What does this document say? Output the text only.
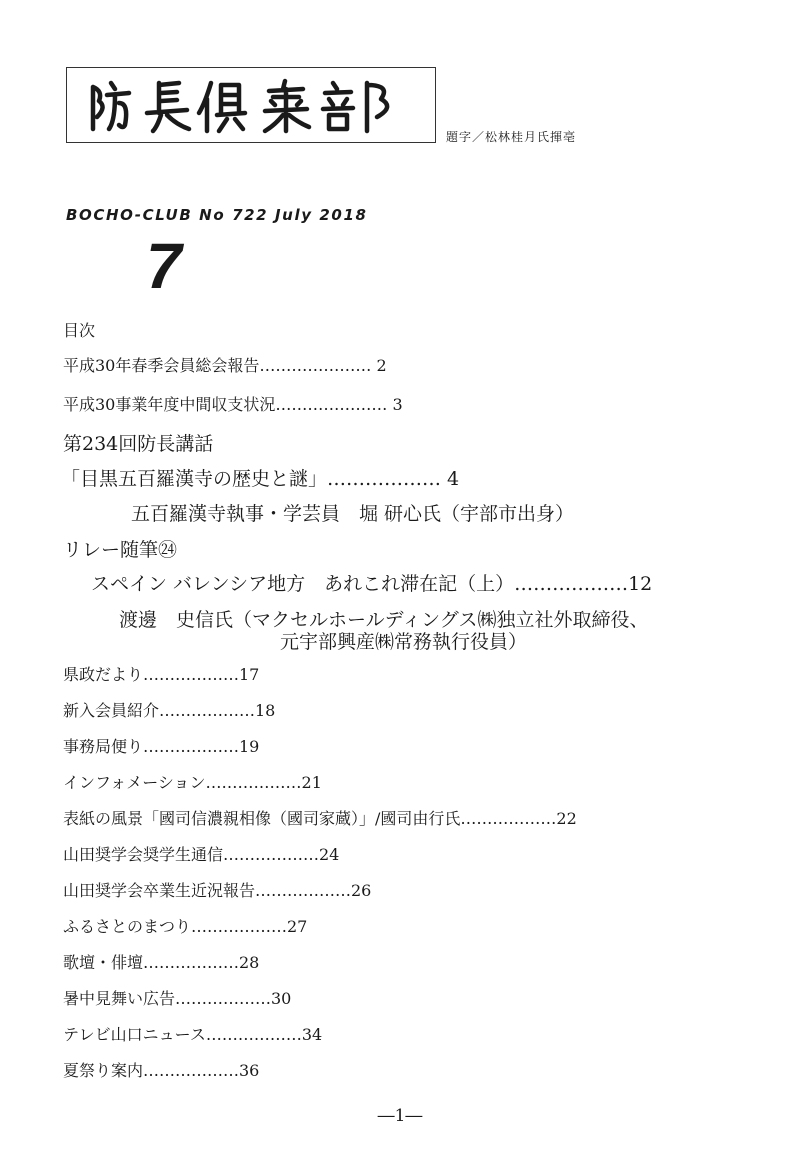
題字／松林桂月氏揮亳
BOCHO-CLUB No 722 July 2018
7
目次
平成30年春季会員総会報告………………… 2
平成30事業年度中間収支状況………………… 3
第234回防長講話
「目黒五百羅漢寺の歴史と謎」……………… 4
五百羅漢寺執事・学芸員　堀 研心氏（宇部市出身）
リレー随筆㉔
スペイン バレンシア地方　あれこれ滞在記（上）………………12
渡邊　史信氏（マクセルホールディングス㈱独立社外取締役、
元宇部興産㈱常務執行役員）
県政だより………………17
新入会員紹介………………18
事務局便り………………19
インフォメーション………………21
表紙の風景「國司信濃親相像（國司家蔵）」/國司由行氏………………22
山田奨学会奨学生通信………………24
山田奨学会卒業生近況報告………………26
ふるさとのまつり………………27
歌壇・俳壇………………28
暑中見舞い広告………………30
テレビ山口ニュース………………34
夏祭り案内………………36
―1―
